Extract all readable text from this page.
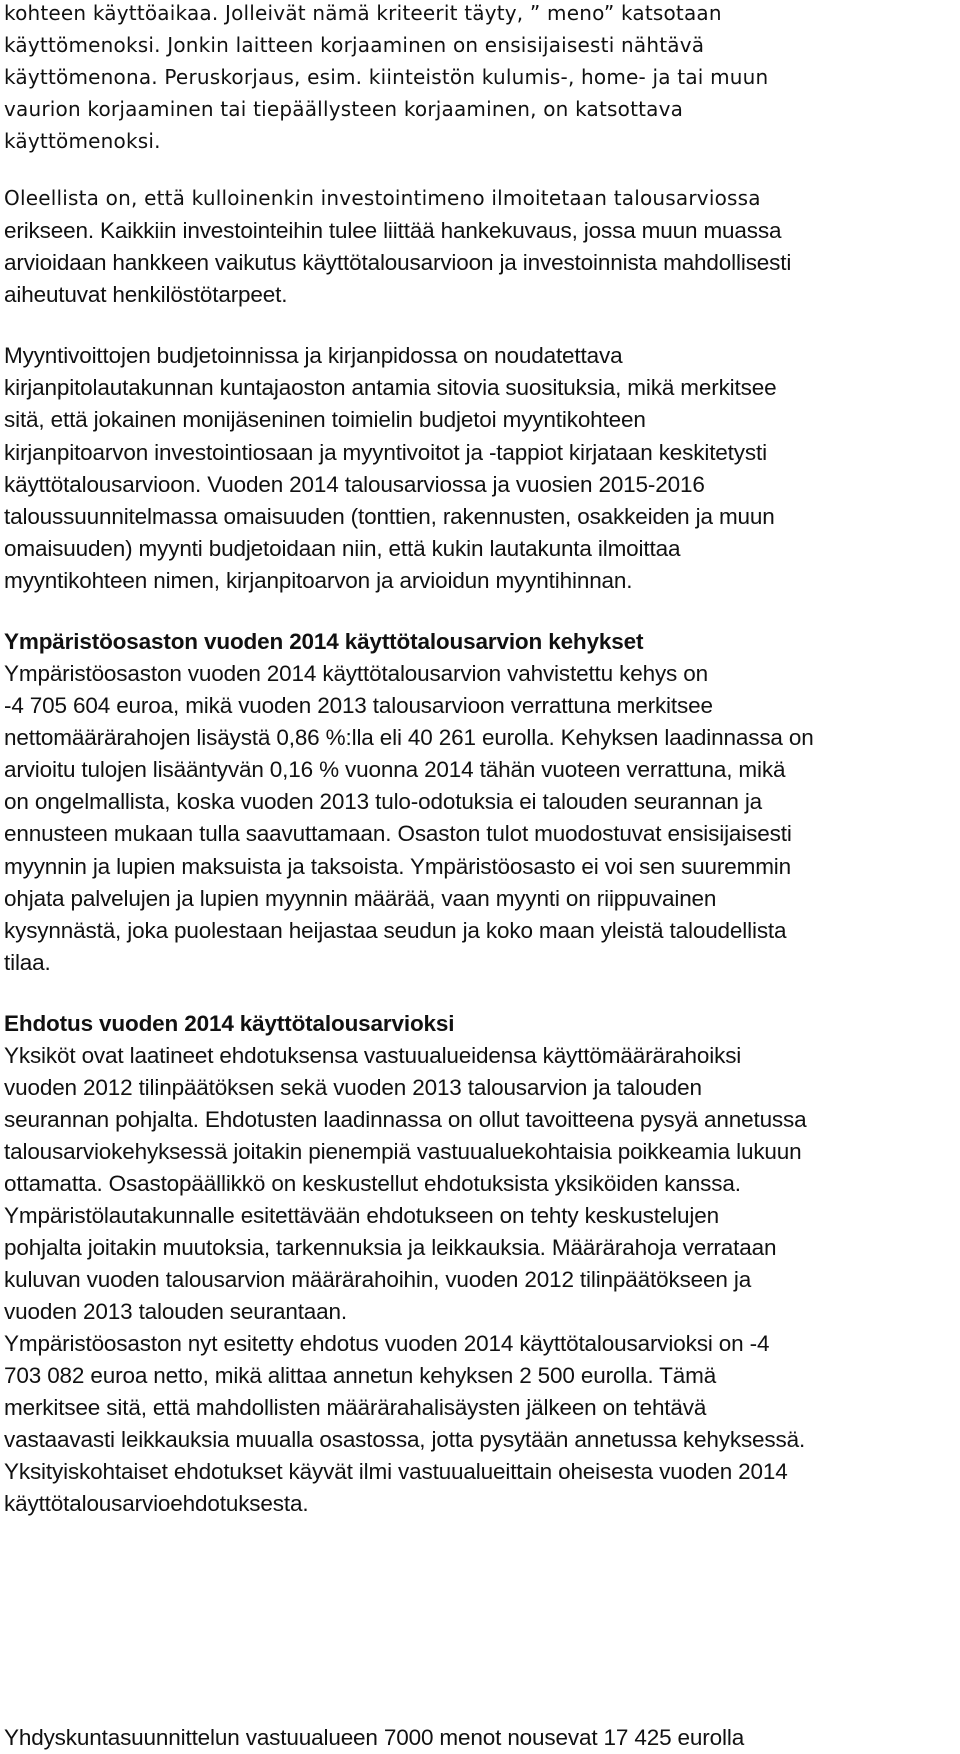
kohteen käyttöaikaa. Jolleivät nämä kriteerit täyty, ” meno” katsotaan
käyttömenoksi. Jonkin laitteen korjaaminen on ensisijaisesti nähtävä
käyttömenona. Peruskorjaus, esim. kiinteistön kulumis-, home- ja tai muun
vaurion korjaaminen tai tiepäällysteen korjaaminen, on katsottava
käyttömenoksi.
Oleellista on, että kulloinenkin investointimeno ilmoitetaan talousarviossa
erikseen. Kaikkiin investointeihin tulee liittää hankekuvaus, jossa muun muassa
arvioidaan hankkeen vaikutus käyttötalousarvioon ja investoinnista mahdollisesti
aiheutuvat henkilöstötarpeet.
Myyntivoittojen budjetoinnissa ja kirjanpidossa on noudatettava
kirjanpitolautakunnan kuntajaoston antamia sitovia suosituksia, mikä merkitsee
sitä, että jokainen monijäseninen toimielin budjetoi myyntikohteen
kirjanpitoarvon investointiosaan ja myyntivoitot ja -tappiot kirjataan keskitetysti
käyttötalousarvioon. Vuoden 2014 talousarviossa ja vuosien 2015-2016
taloussuunnitelmassa omaisuuden (tonttien, rakennusten, osakkeiden ja muun
omaisuuden) myynti budjetoidaan niin, että kukin lautakunta ilmoittaa
myyntikohteen nimen, kirjanpitoarvon ja arvioidun myyntihinnan.
Ympäristöosaston vuoden 2014 käyttötalousarvion kehykset
Ympäristöosaston vuoden 2014 käyttötalousarvion vahvistettu kehys on
-4 705 604 euroa, mikä vuoden 2013 talousarvioon verrattuna merkitsee
nettomäärärahojen lisäystä 0,86 %:lla eli 40 261 eurolla. Kehyksen laadinnassa on
arvioitu tulojen lisääntyvän 0,16 % vuonna 2014 tähän vuoteen verrattuna, mikä
on ongelmallista, koska vuoden 2013 tulo-odotuksia ei talouden seurannan ja
ennusteen mukaan tulla saavuttamaan. Osaston tulot muodostuvat ensisijaisesti
myynnin ja lupien maksuista ja taksoista. Ympäristöosasto ei voi sen suuremmin
ohjata palvelujen ja lupien myynnin määrää, vaan myynti on riippuvainen
kysynnästä, joka puolestaan heijastaa seudun ja koko maan yleistä taloudellista
tilaa.
Ehdotus vuoden 2014 käyttötalousarvioksi
Yksiköt ovat laatineet ehdotuksensa vastuualueidensa käyttömäärärahoiksi
vuoden 2012 tilinpäätöksen sekä vuoden 2013 talousarvion ja talouden
seurannan pohjalta. Ehdotusten laadinnassa on ollut tavoitteena pysyä annetussa
talousarviokehyksessä joitakin pienempiä vastuualuekohtaisia poikkeamia lukuun
ottamatta. Osastopäällikkö on keskustellut ehdotuksista yksiköiden kanssa.
Ympäristölautakunnalle esitettävään ehdotukseen on tehty keskustelujen
pohjalta joitakin muutoksia, tarkennuksia ja leikkauksia. Määrärahoja verrataan
kuluvan vuoden talousarvion määrärahoihin, vuoden 2012 tilinpäätökseen ja
vuoden 2013 talouden seurantaan.
Ympäristöosaston nyt esitetty ehdotus vuoden 2014 käyttötalousarvioksi on -4
703 082 euroa netto, mikä alittaa annetun kehyksen 2 500 eurolla. Tämä
merkitsee sitä, että mahdollisten määrärahalisäysten jälkeen on tehtävä
vastaavasti leikkauksia muualla osastossa, jotta pysytään annetussa kehyksessä.
Yksityiskohtaiset ehdotukset käyvät ilmi vastuualueittain oheisesta vuoden 2014
käyttötalousarvioehdotuksesta.
Yhdyskuntasuunnittelun vastuualueen 7000 menot nousevat 17 425 eurolla
